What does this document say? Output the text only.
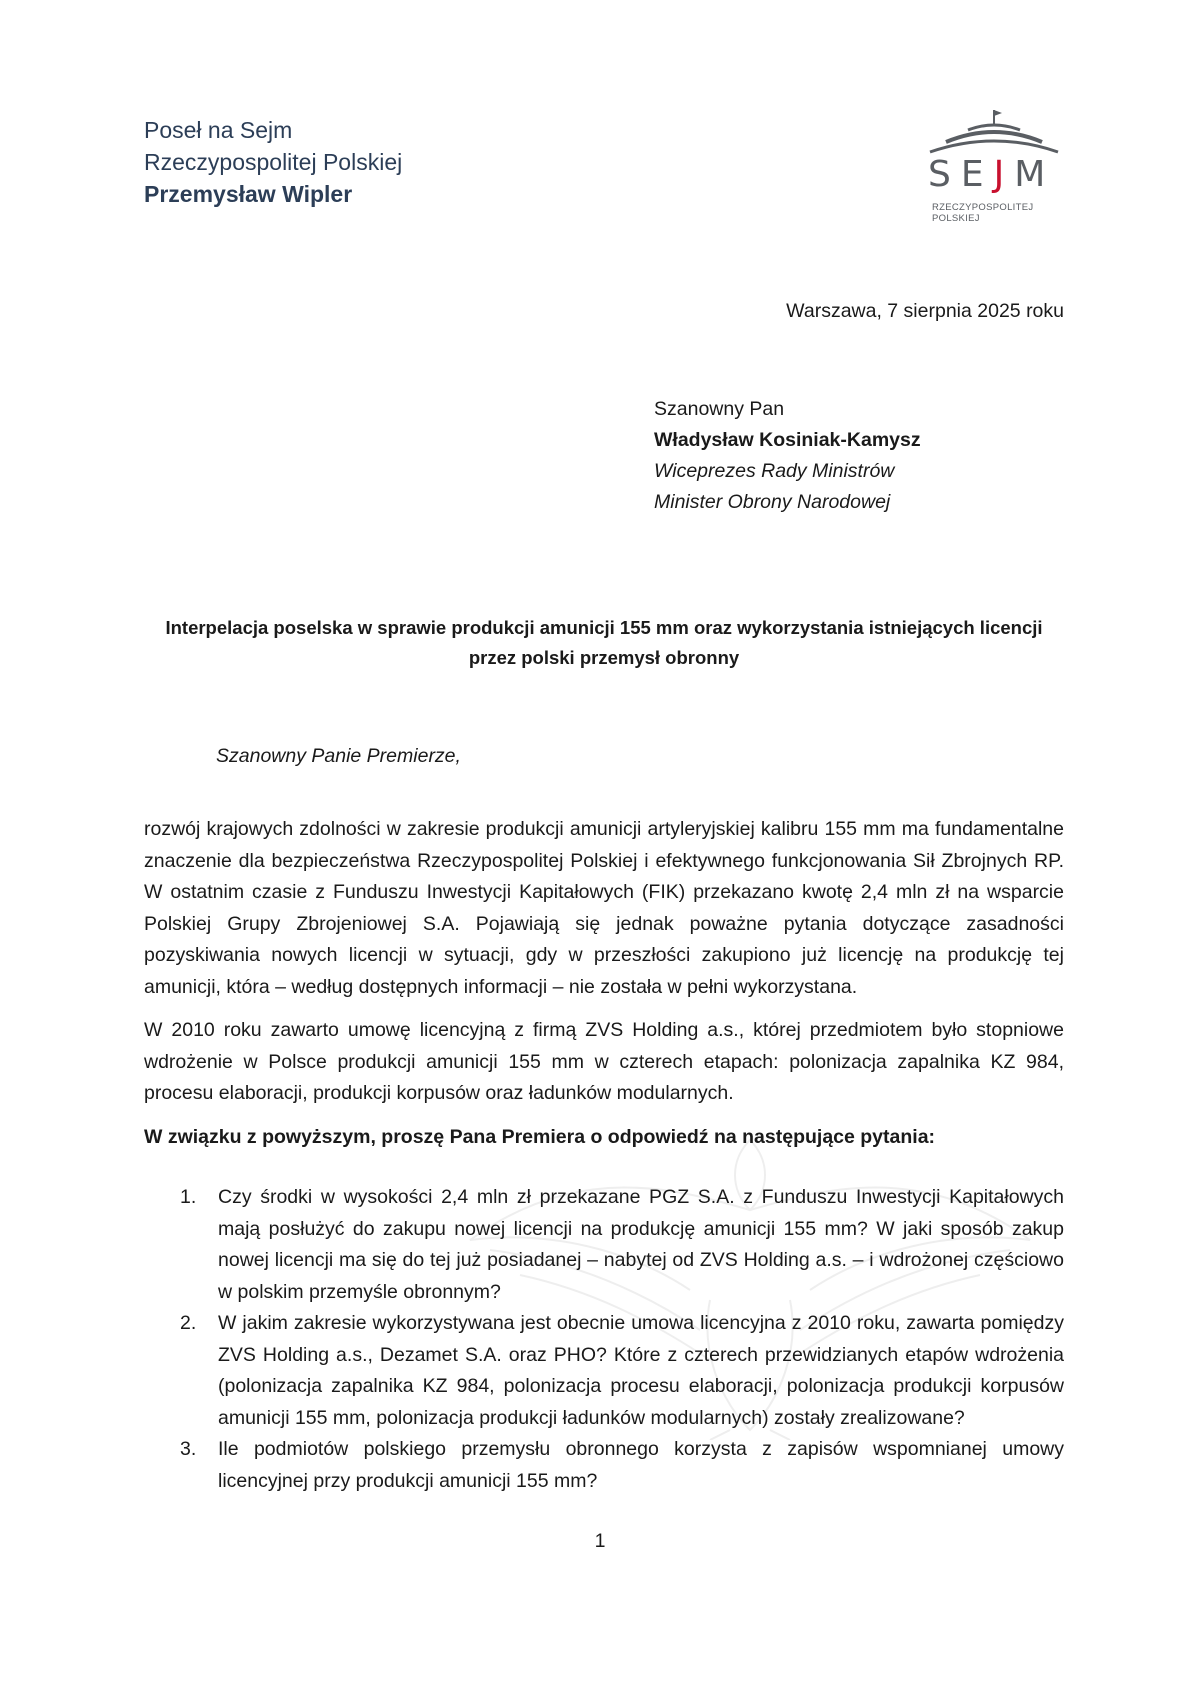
Poseł na Sejm
Rzeczypospolitej Polskiej
Przemysław Wipler	SEJM
RZECZYPOSPOLITEJ POLSKIEJ
Warszawa, 7 sierpnia 2025 roku
Szanowny Pan
Władysław Kosiniak-Kamysz
Wiceprezes Rady Ministrów
Minister Obrony Narodowej
Interpelacja poselska w sprawie produkcji amunicji 155 mm oraz wykorzystania istniejących licencji przez polski przemysł obronny
Szanowny Panie Premierze,

rozwój krajowych zdolności w zakresie produkcji amunicji artyleryjskiej kalibru 155 mm ma fundamentalne znaczenie dla bezpieczeństwa Rzeczypospolitej Polskiej i efektywnego funkcjonowania Sił Zbrojnych RP. W ostatnim czasie z Funduszu Inwestycji Kapitałowych (FIK) przekazano kwotę 2,4 mln zł na wsparcie Polskiej Grupy Zbrojeniowej S.A. Pojawiają się jednak poważne pytania dotyczące zasadności pozyskiwania nowych licencji w sytuacji, gdy w przeszłości zakupiono już licencję na produkcję tej amunicji, która – według dostępnych informacji – nie została w pełni wykorzystana.

W 2010 roku zawarto umowę licencyjną z firmą ZVS Holding a.s., której przedmiotem było stopniowe wdrożenie w Polsce produkcji amunicji 155 mm w czterech etapach: polonizacja zapalnika KZ 984, procesu elaboracji, produkcji korpusów oraz ładunków modularnych.

W związku z powyższym, proszę Pana Premiera o odpowiedź na następujące pytania:

1. Czy środki w wysokości 2,4 mln zł przekazane PGZ S.A. z Funduszu Inwestycji Kapitałowych mają posłużyć do zakupu nowej licencji na produkcję amunicji 155 mm? W jaki sposób zakup nowej licencji ma się do tej już posiadanej – nabytej od ZVS Holding a.s. – i wdrożonej częściowo w polskim przemyśle obronnym?
2. W jakim zakresie wykorzystywana jest obecnie umowa licencyjna z 2010 roku, zawarta pomiędzy ZVS Holding a.s., Dezamet S.A. oraz PHO? Które z czterech przewidzianych etapów wdrożenia (polonizacja zapalnika KZ 984, polonizacja procesu elaboracji, polonizacja produkcji korpusów amunicji 155 mm, polonizacja produkcji ładunków modularnych) zostały zrealizowane?
3. Ile podmiotów polskiego przemysłu obronnego korzysta z zapisów wspomnianej umowy licencyjnej przy produkcji amunicji 155 mm?
1
